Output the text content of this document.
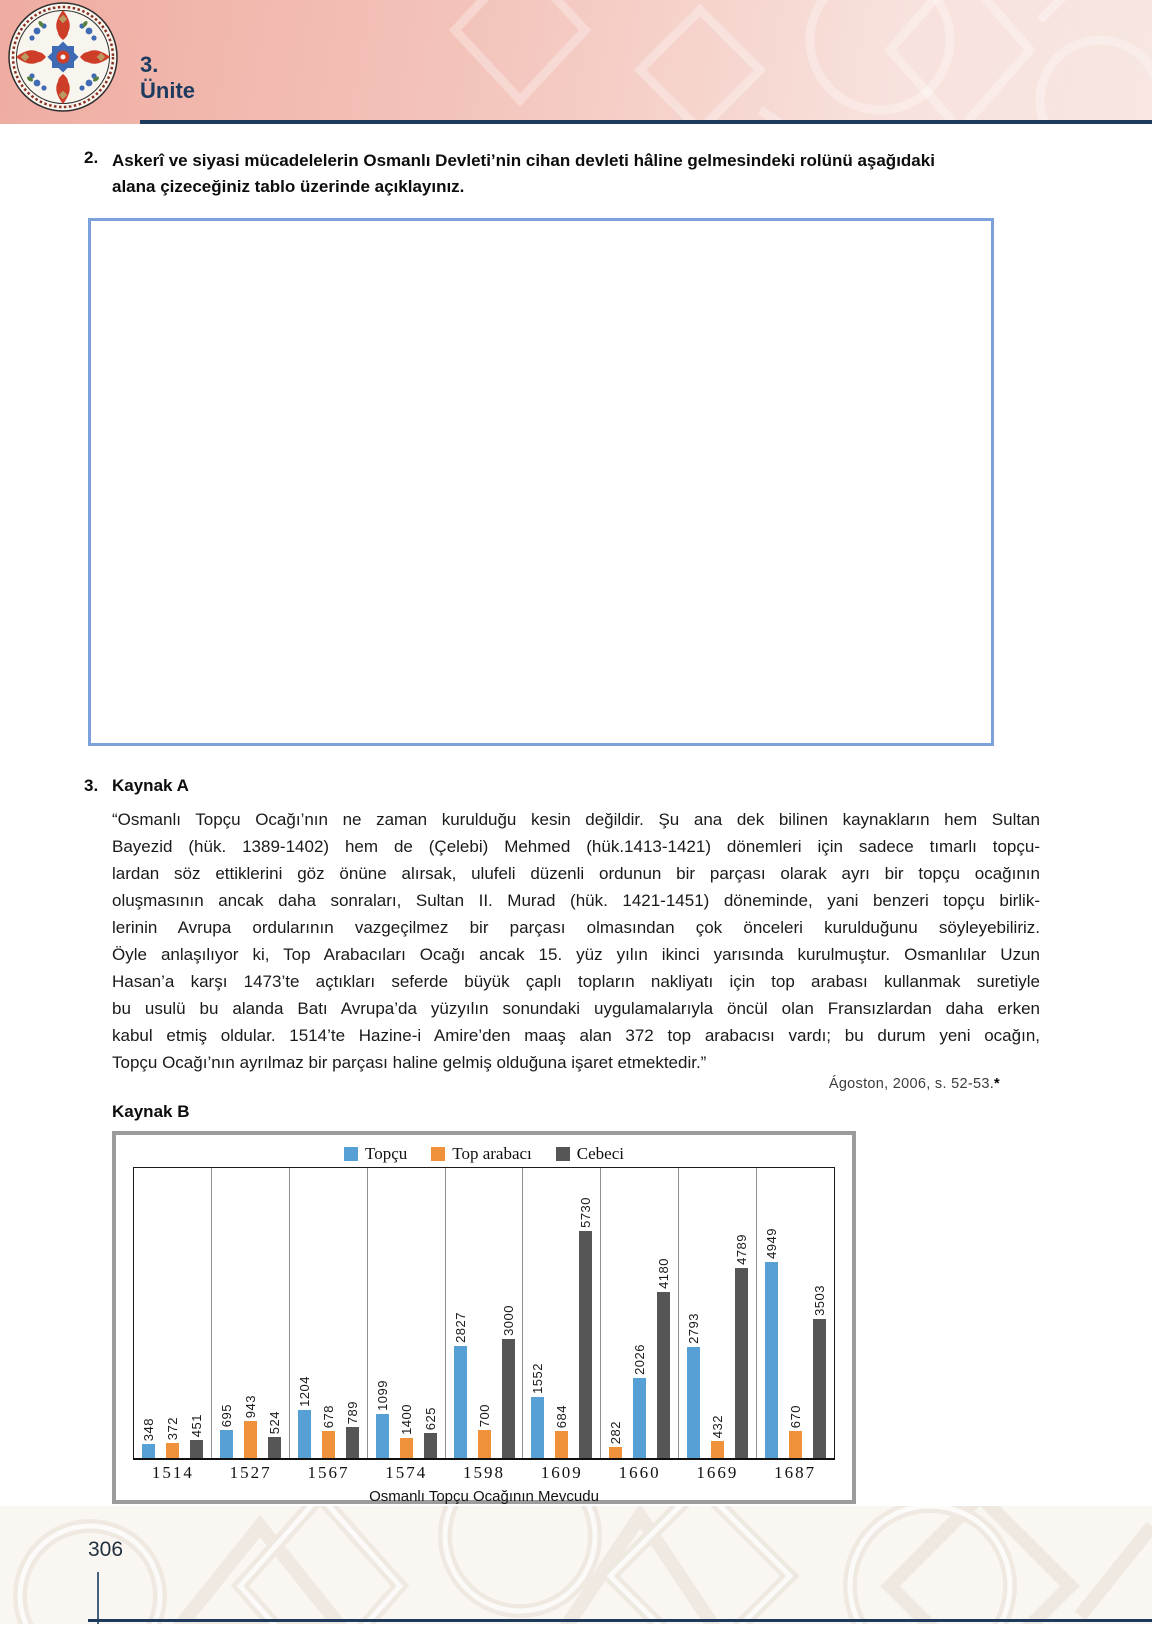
3.
Ünite
2. Askerî ve siyasi mücadelelerin Osmanlı Devleti’nin cihan devleti hâline gelmesindeki rolünü aşağıdaki
alana çizeceğiniz tablo üzerinde açıklayınız.
3. Kaynak A
“Osmanlı Topçu Ocağı’nın ne zaman kurulduğu kesin değildir. Şu ana dek bilinen kaynakların hem Sultan
Bayezid (hük. 1389-1402) hem de (Çelebi) Mehmed (hük.1413-1421) dönemleri için sadece tımarlı topçu-
lardan söz ettiklerini göz önüne alırsak, ulufeli düzenli ordunun bir parçası olarak ayrı bir topçu ocağının
oluşmasının ancak daha sonraları, Sultan II. Murad (hük. 1421-1451) döneminde, yani benzeri topçu birlik-
lerinin Avrupa ordularının vazgeçilmez bir parçası olmasından çok önceleri kurulduğunu söyleyebiliriz.
Öyle anlaşılıyor ki, Top Arabacıları Ocağı ancak 15. yüz yılın ikinci yarısında kurulmuştur. Osmanlılar Uzun
Hasan’a karşı 1473’te açtıkları seferde büyük çaplı topların nakliyatı için top arabası kullanmak suretiyle
bu usulü bu alanda Batı Avrupa’da yüzyılın sonundaki uygulamalarıyla öncül olan Fransızlardan daha erken
kabul etmiş oldular. 1514’te Hazine-i Amire’den maaş alan 372 top arabacısı vardı; bu durum yeni ocağın,
Topçu Ocağı’nın ayrılmaz bir parçası haline gelmiş olduğuna işaret etmektedir.”
Ágoston, 2006, s. 52-53.*
Kaynak B
Topçu	Top arabacı	Cebeci
348 372 451 695 943
524
1204
678 789
1099
1400 625
2827
700
3000
1552
684
5730
282
2026
4180
2793
432
4789 4949
670
3503
1514	1527	1567	1574	1598	1609	1660	1669	1687
Osmanlı Topçu Ocağının Mevcudu
306
